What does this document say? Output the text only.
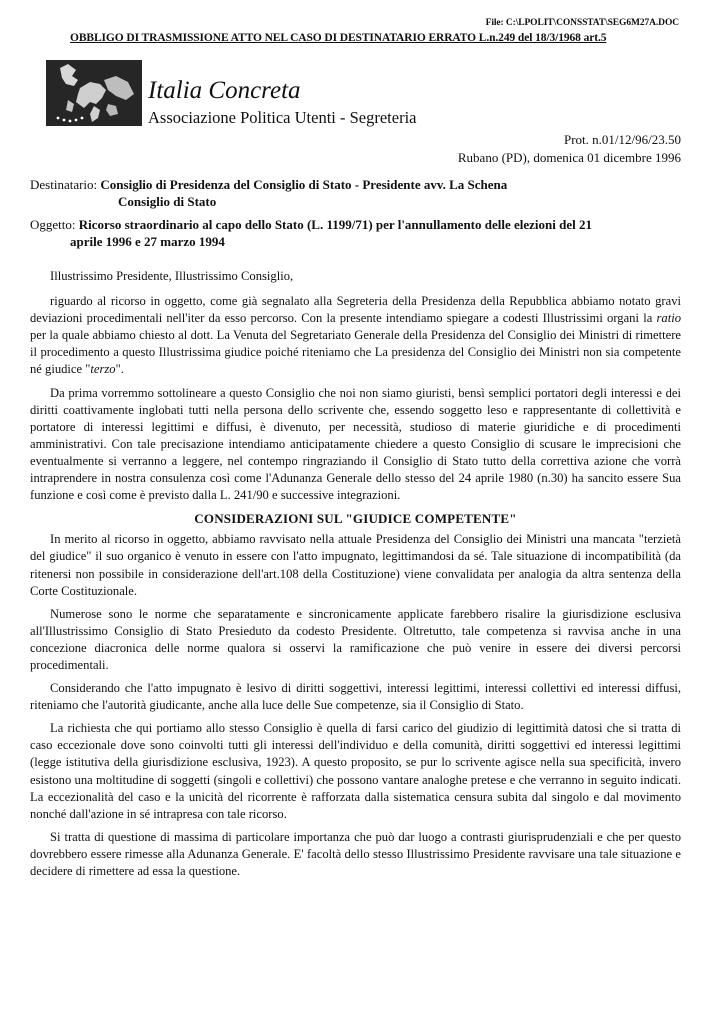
File: C:\LPOLIT\CONSSTAT\SEG6M27A.DOC
OBBLIGO DI TRASMISSIONE ATTO NEL CASO DI DESTINATARIO ERRATO L.n.249 del 18/3/1968 art.5
Italia Concreta
Associazione Politica Utenti - Segreteria
Prot. n.01/12/96/23.50
Rubano (PD), domenica 01 dicembre 1996
Destinatario: Consiglio di Presidenza del Consiglio di Stato - Presidente avv. La Schena
Consiglio di Stato
Oggetto: Ricorso straordinario al capo dello Stato (L. 1199/71) per l'annullamento delle elezioni del 21
aprile 1996 e 27 marzo 1994

Illustrissimo Presidente, Illustrissimo Consiglio,

riguardo al ricorso in oggetto, come già segnalato alla Segreteria della Presidenza della Repubblica abbiamo notato gravi deviazioni procedimentali nell'iter da esso percorso. Con la presente intendiamo spiegare a codesti Illustrissimi organi la ratio per la quale abbiamo chiesto al dott. La Venuta del Segretariato Generale della Presidenza del Consiglio dei Ministri di rimettere il procedimento a questo Illustrissima giudice poiché riteniamo che La presidenza del Consiglio dei Ministri non sia competente né giudice "terzo".

Da prima vorremmo sottolineare a questo Consiglio che noi non siamo giuristi, bensì semplici portatori degli interessi e dei diritti coattivamente inglobati tutti nella persona dello scrivente che, essendo soggetto leso e rappresentante di collettività e portatore di interessi legittimi e diffusi, è divenuto, per necessità, studioso di materie giuridiche e di procedimenti amministrativi. Con tale precisazione intendiamo anticipatamente chiedere a questo Consiglio di scusare le imprecisioni che eventualmente si verranno a leggere, nel contempo ringraziando il Consiglio di Stato tutto della correttiva azione che vorrà intraprendere in nostra consulenza così come l'Adunanza Generale dello stesso del 24 aprile 1980 (n.30) ha sancito essere Sua funzione e così come è previsto dalla L. 241/90 e successive integrazioni.

CONSIDERAZIONI SUL "GIUDICE COMPETENTE"

In merito al ricorso in oggetto, abbiamo ravvisato nella attuale Presidenza del Consiglio dei Ministri una mancata "terzietà del giudice" il suo organico è venuto in essere con l'atto impugnato, legittimandosi da sé. Tale situazione di incompatibilità (da ritenersi non possibile in considerazione dell'art.108 della Costituzione) viene convalidata per analogia da altra sentenza della Corte Costituzionale.

Numerose sono le norme che separatamente e sincronicamente applicate farebbero risalire la giurisdizione esclusiva all'Illustrissimo Consiglio di Stato Presieduto da codesto Presidente. Oltretutto, tale competenza si ravvisa anche in una concezione diacronica delle norme qualora si osservi la ramificazione che può venire in essere dei diversi percorsi procedimentali.

Considerando che l'atto impugnato è lesivo di diritti soggettivi, interessi legittimi, interessi collettivi ed interessi diffusi, riteniamo che l'autorità giudicante, anche alla luce delle Sue competenze, sia il Consiglio di Stato.

La richiesta che qui portiamo allo stesso Consiglio è quella di farsi carico del giudizio di legittimità datosi che si tratta di caso eccezionale dove sono coinvolti tutti gli interessi dell'individuo e della comunità, diritti soggettivi ed interessi legittimi (legge istitutiva della giurisdizione esclusiva, 1923). A questo proposito, se pur lo scrivente agisce nella sua specificità, invero esistono una moltitudine di soggetti (singoli e collettivi) che possono vantare analoghe pretese e che verranno in seguito indicati. La eccezionalità del caso e la unicità del ricorrente è rafforzata dalla sistematica censura subita dal singolo e dal movimento nonché dall'azione in sé intrapresa con tale ricorso.

Si tratta di questione di massima di particolare importanza che può dar luogo a contrasti giurisprudenziali e che per questo dovrebbero essere rimesse alla Adunanza Generale. E' facoltà dello stesso Illustrissimo Presidente ravvisare una tale situazione e decidere di rimettere ad essa la questione.
